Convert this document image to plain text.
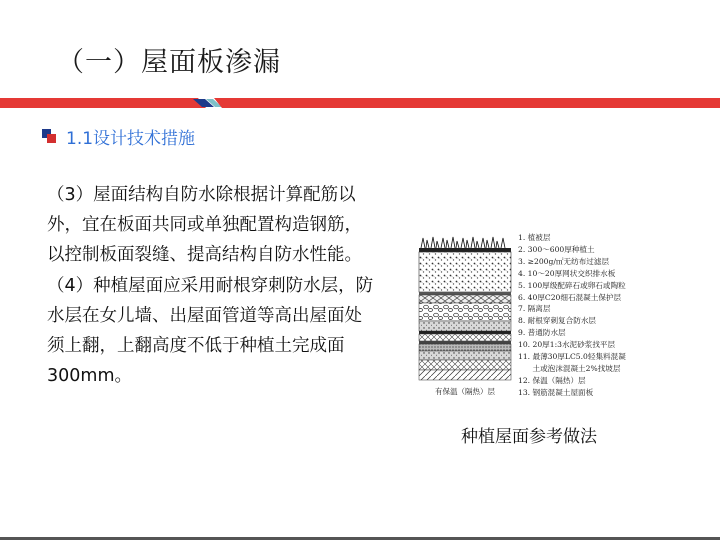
（一）屋面板渗漏
1.1设计技术措施

（3）屋面结构自防水除根据计算配筋以外，宜在板面共同或单独配置构造钢筋，以控制板面裂缝、提高结构自防水性能。

（4）种植屋面应采用耐根穿刺防水层，防水层在女儿墙、出屋面管道等高出屋面处须上翻，上翻高度不低于种植土完成面300mm。

有保温（隔热）层
1. 植被层
2. 300～600厚种植土
3. ≥200g/㎡无纺布过滤层
4. 10～20厚网状交织排水板
5. 100厚级配碎石或卵石或陶粒
6. 40厚C20细石混凝土保护层
7. 隔离层
8. 耐根穿刺复合防水层
9. 普通防水层
10. 20厚1:3水泥砂浆找平层
11. 最薄30厚LC5.0轻集料混凝
土或泡沫混凝土2%找坡层
12. 保温（隔热）层
13. 钢筋混凝土屋面板
种植屋面参考做法
